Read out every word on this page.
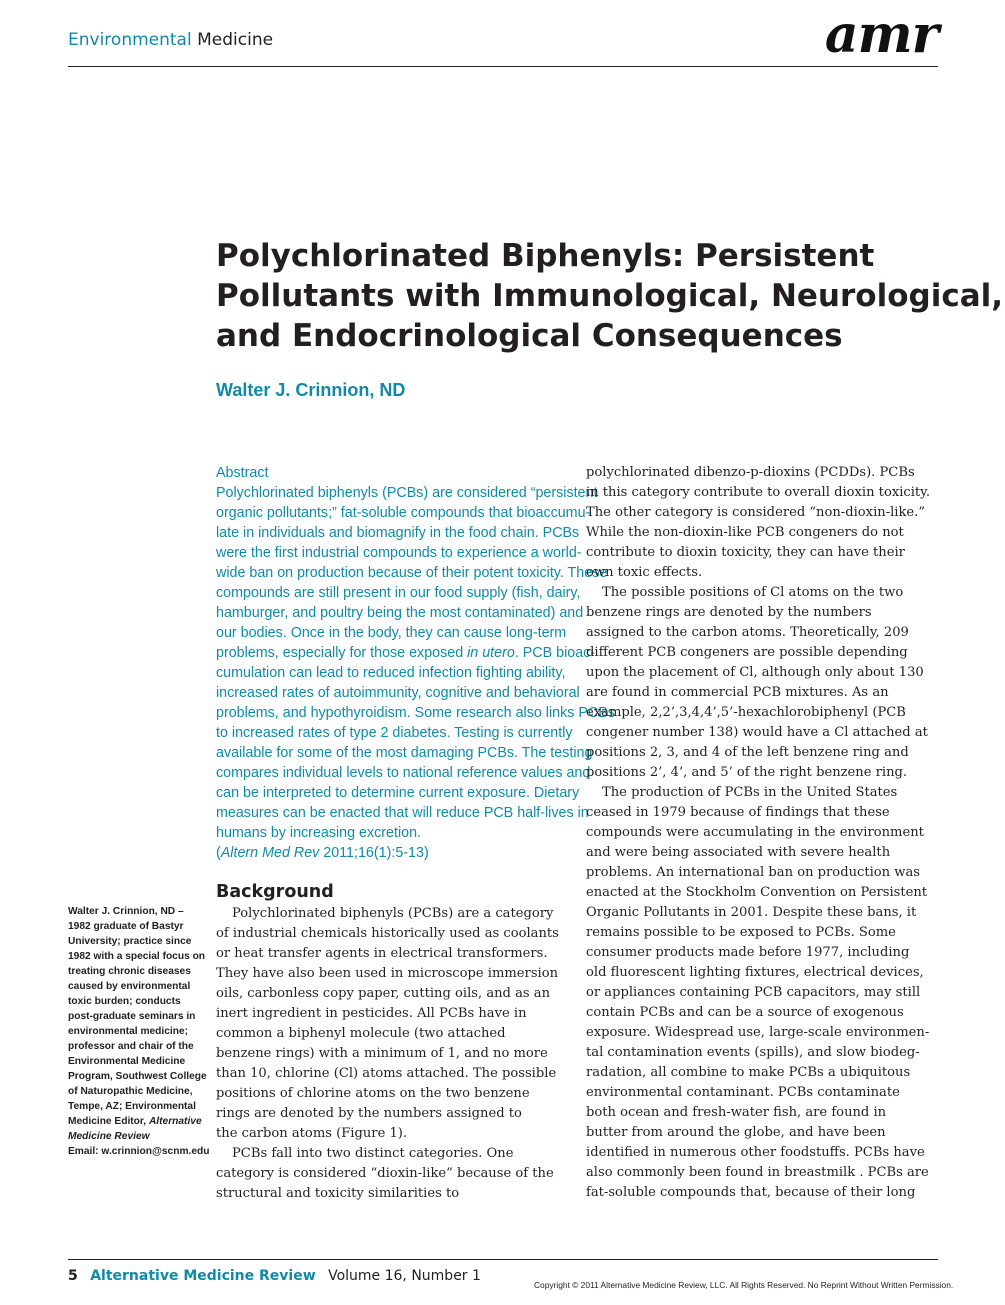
Environmental Medicine	amr
Polychlorinated Biphenyls: Persistent
Pollutants with Immunological, Neurological,
and Endocrinological Consequences
Walter J. Crinnion, ND
Abstract
Polychlorinated biphenyls (PCBs) are considered “persistent
organic pollutants;” fat-soluble compounds that bioaccumu-
late in individuals and biomagnify in the food chain. PCBs
were the first industrial compounds to experience a world-
wide ban on production because of their potent toxicity. These
compounds are still present in our food supply (fish, dairy,
hamburger, and poultry being the most contaminated) and
our bodies. Once in the body, they can cause long-term
problems, especially for those exposed in utero. PCB bioac-
cumulation can lead to reduced infection fighting ability,
increased rates of autoimmunity, cognitive and behavioral
problems, and hypothyroidism. Some research also links PCBs
to increased rates of type 2 diabetes. Testing is currently
available for some of the most damaging PCBs. The testing
compares individual levels to national reference values and
can be interpreted to determine current exposure. Dietary
measures can be enacted that will reduce PCB half-lives in
humans by increasing excretion.
(Altern Med Rev 2011;16(1):5-13)
Walter J. Crinnion, ND –
1982 graduate of Bastyr
University; practice since
1982 with a special focus on
treating chronic diseases
caused by environmental
toxic burden; conducts
post-graduate seminars in
environmental medicine;
professor and chair of the
Environmental Medicine
Program, Southwest College
of Naturopathic Medicine,
Tempe, AZ; Environmental
Medicine Editor, Alternative
Medicine Review
Email: w.crinnion@scnm.edu
Background
Polychlorinated biphenyls (PCBs) are a category
of industrial chemicals historically used as coolants
or heat transfer agents in electrical transformers.
They have also been used in microscope immersion
oils, carbonless copy paper, cutting oils, and as an
inert ingredient in pesticides. All PCBs have in
common a biphenyl molecule (two attached
benzene rings) with a minimum of 1, and no more
than 10, chlorine (Cl) atoms attached. The possible
positions of chlorine atoms on the two benzene
rings are denoted by the numbers assigned to
the carbon atoms (Figure 1).
PCBs fall into two distinct categories. One
category is considered “dioxin-like” because of the
structural and toxicity similarities to
polychlorinated dibenzo-p-dioxins (PCDDs). PCBs
in this category contribute to overall dioxin toxicity.
The other category is considered “non-dioxin-like.”
While the non-dioxin-like PCB congeners do not
contribute to dioxin toxicity, they can have their
own toxic effects.
The possible positions of Cl atoms on the two
benzene rings are denoted by the numbers
assigned to the carbon atoms. Theoretically, 209
different PCB congeners are possible depending
upon the placement of Cl, although only about 130
are found in commercial PCB mixtures. As an
example, 2,2’,3,4,4’,5’-hexachlorobiphenyl (PCB
congener number 138) would have a Cl attached at
positions 2, 3, and 4 of the left benzene ring and
positions 2’, 4’, and 5’ of the right benzene ring.
The production of PCBs in the United States
ceased in 1979 because of findings that these
compounds were accumulating in the environment
and were being associated with severe health
problems. An international ban on production was
enacted at the Stockholm Convention on Persistent
Organic Pollutants in 2001. Despite these bans, it
remains possible to be exposed to PCBs. Some
consumer products made before 1977, including
old fluorescent lighting fixtures, electrical devices,
or appliances containing PCB capacitors, may still
contain PCBs and can be a source of exogenous
exposure. Widespread use, large-scale environmen-
tal contamination events (spills), and slow biodeg-
radation, all combine to make PCBs a ubiquitous
environmental contaminant. PCBs contaminate
both ocean and fresh-water fish, are found in
butter from around the globe, and have been
identified in numerous other foodstuffs. PCBs have
also commonly been found in breastmilk . PCBs are
fat-soluble compounds that, because of their long
5 Alternative Medicine Review Volume 16, Number 1
Copyright © 2011 Alternative Medicine Review, LLC. All Rights Reserved. No Reprint Without Written Permission.
